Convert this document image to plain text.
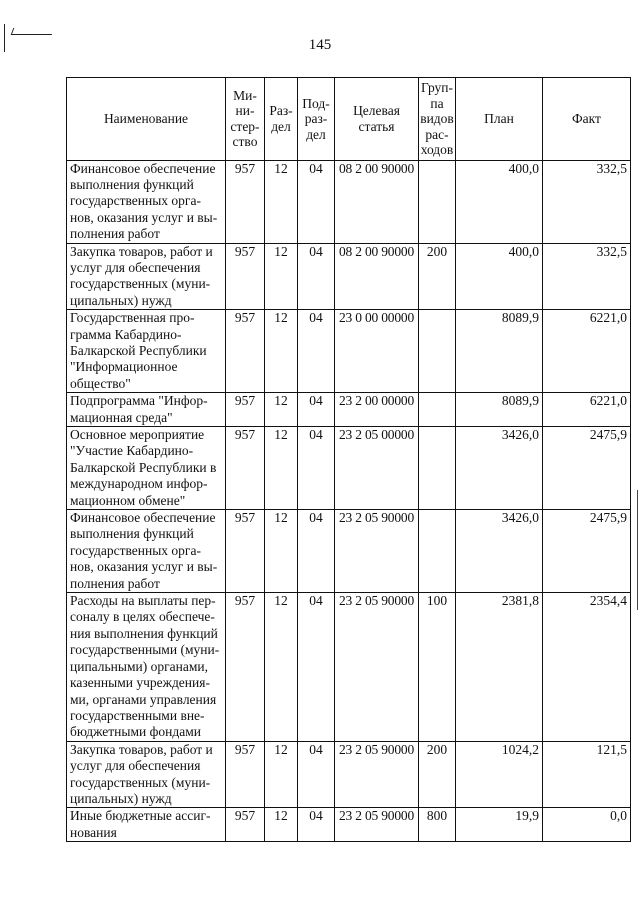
145
Наименование	Ми-
ни-
стер-
ство	Раз-
дел	Под-
раз-
дел	Целевая
статья	Груп-
па
видов
рас-
ходов	План	Факт
Финансовое обеспечение выполнения функций государственных орга-нов, оказания услуг и вы-полнения работ	957	12	04	08 2 00 90000		400,0	332,5
Закупка товаров, работ и услуг для обеспечения государственных (муни-ципальных) нужд	957	12	04	08 2 00 90000	200	400,0	332,5
Государственная про-грамма Кабардино-Балкарской Республики "Информационное общество"	957	12	04	23 0 00 00000		8089,9	6221,0
Подпрограмма "Инфор-мационная среда"	957	12	04	23 2 00 00000		8089,9	6221,0
Основное мероприятие "Участие Кабардино-Балкарской Республики в международном инфор-мационном обмене"	957	12	04	23 2 05 00000		3426,0	2475,9
Финансовое обеспечение выполнения функций государственных орга-нов, оказания услуг и вы-полнения работ	957	12	04	23 2 05 90000		3426,0	2475,9
Расходы на выплаты пер-соналу в целях обеспече-ния выполнения функций государственными (муни-ципальными) органами, казенными учреждения-ми, органами управления государственными вне-бюджетными фондами	957	12	04	23 2 05 90000	100	2381,8	2354,4
Закупка товаров, работ и услуг для обеспечения государственных (муни-ципальных) нужд	957	12	04	23 2 05 90000	200	1024,2	121,5
Иные бюджетные ассиг-нования	957	12	04	23 2 05 90000	800	19,9	0,0
